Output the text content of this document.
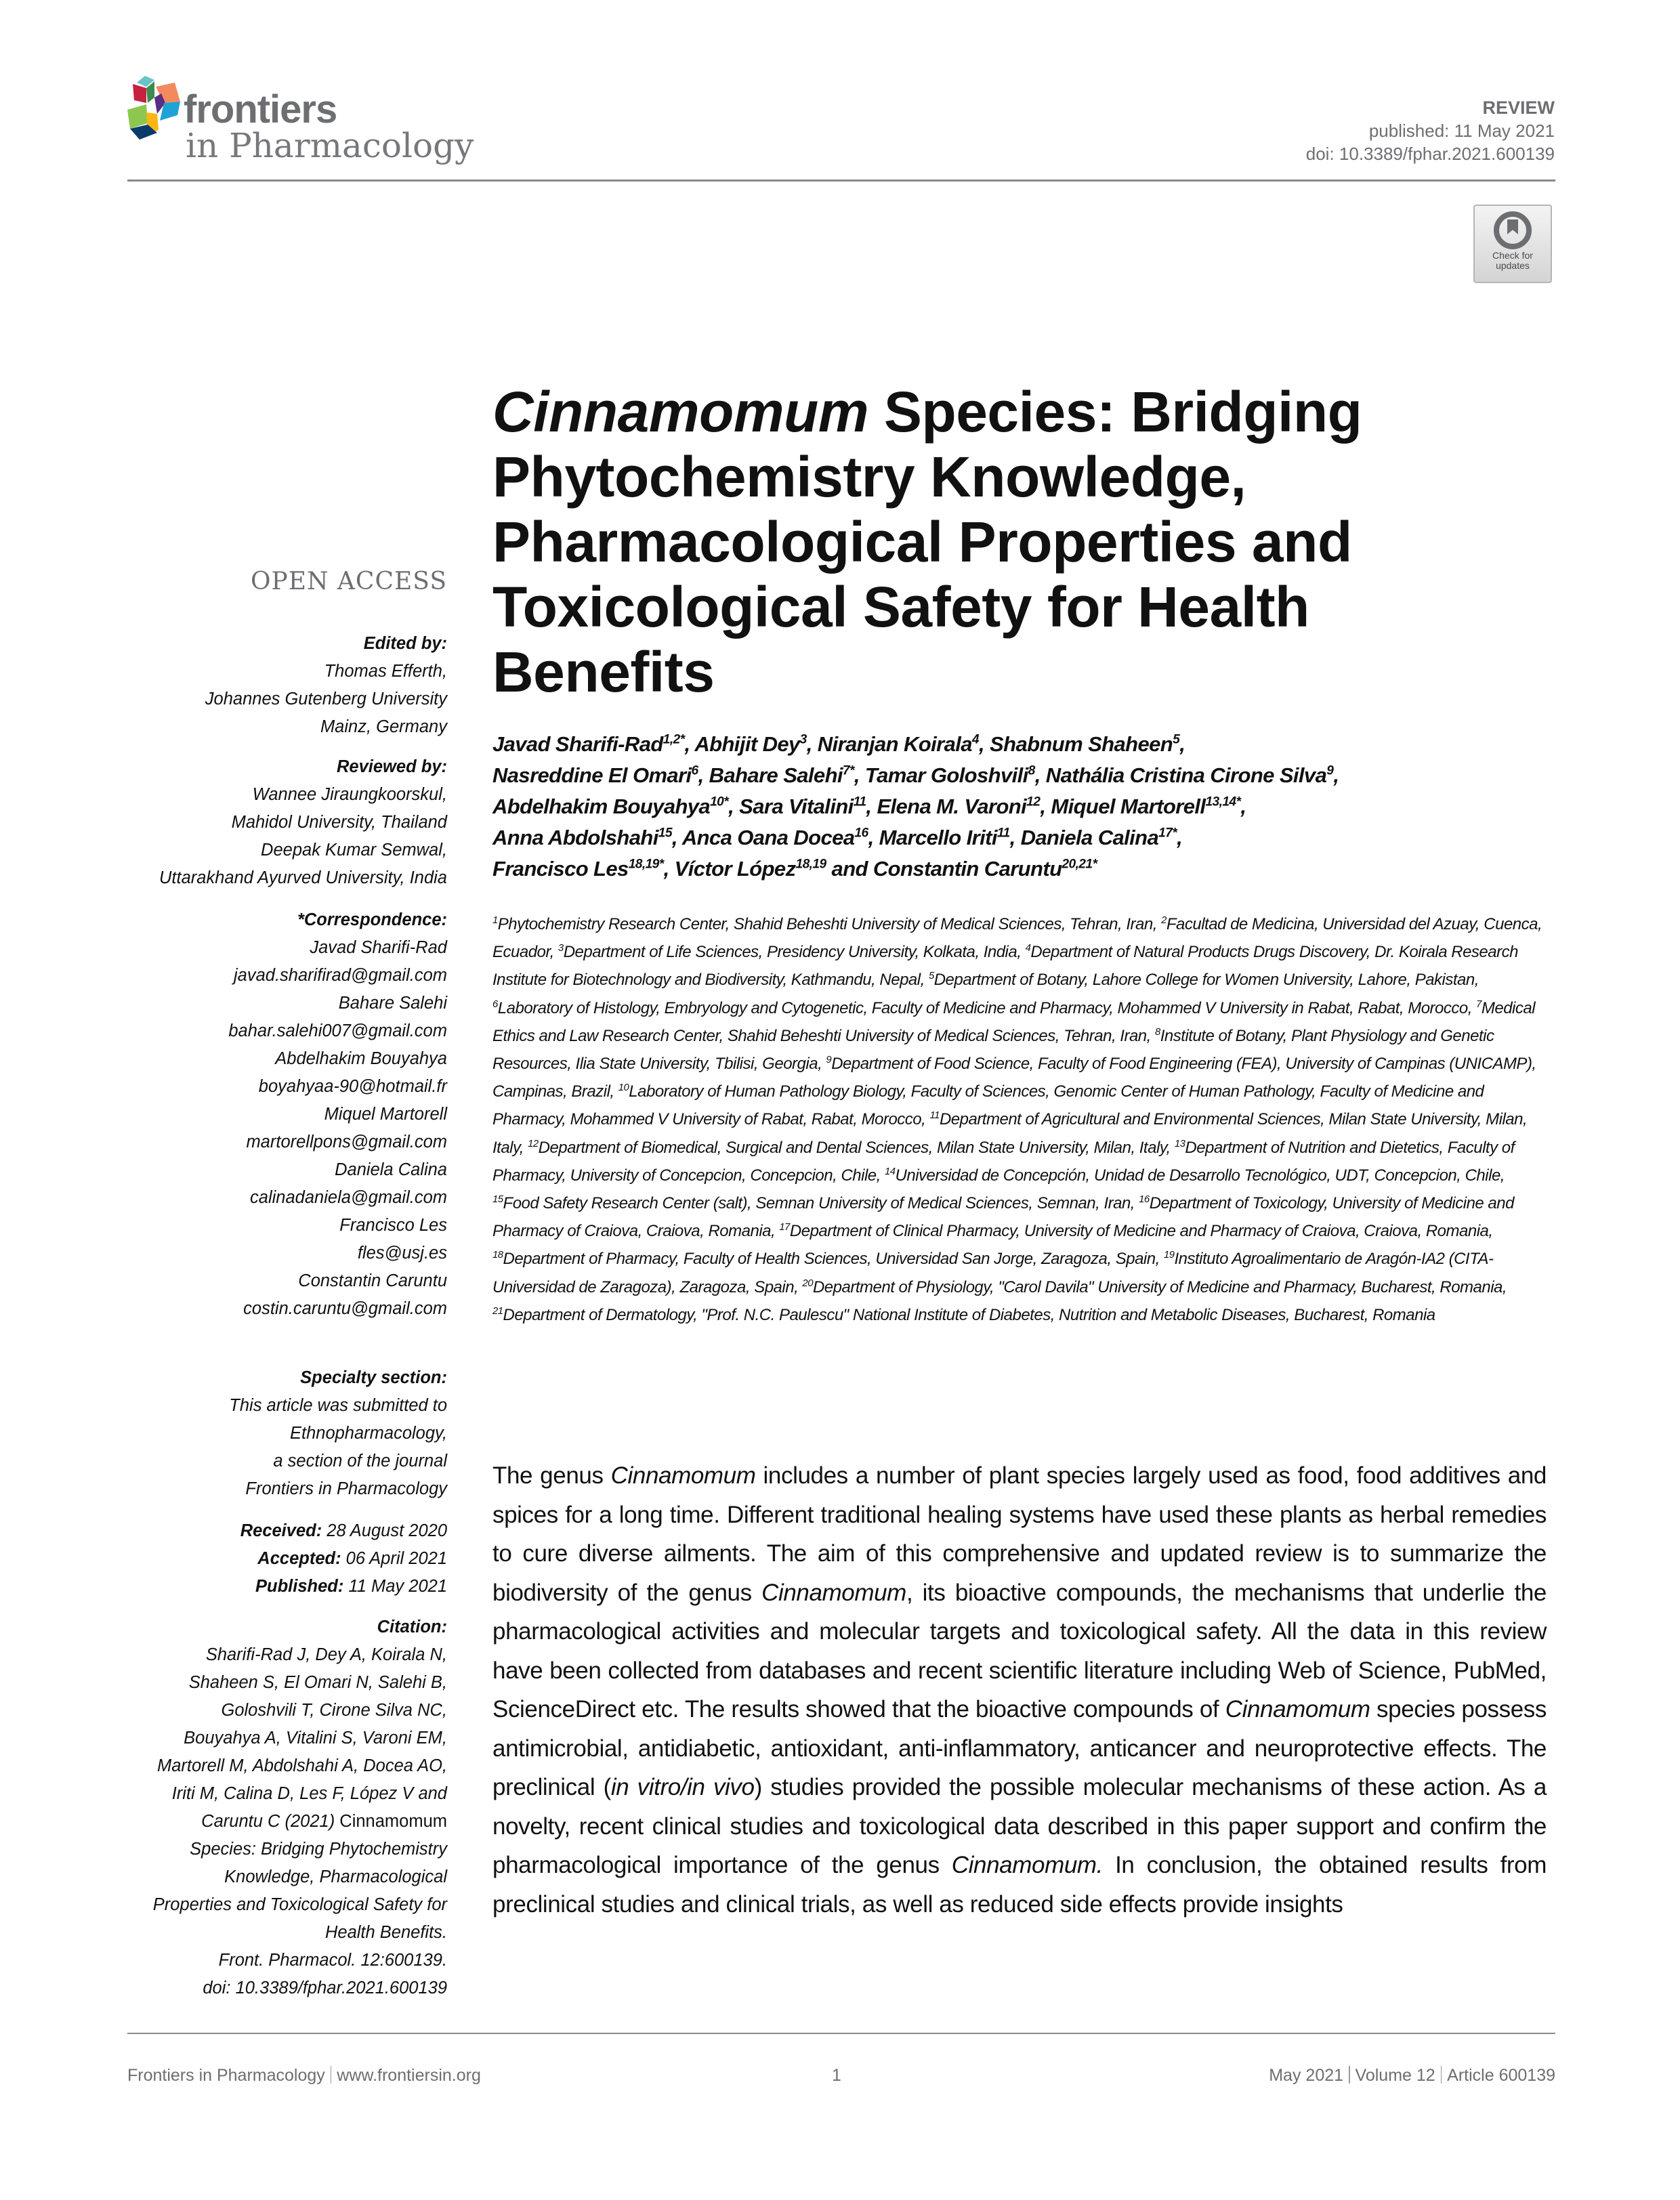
frontiers
in Pharmacology
REVIEW
published: 11 May 2021
doi: 10.3389/fphar.2021.600139
Check for
updates
OPEN ACCESS
Edited by:
Thomas Efferth,
Johannes Gutenberg University
Mainz, Germany
Reviewed by:
Wannee Jiraungkoorskul,
Mahidol University, Thailand
Deepak Kumar Semwal,
Uttarakhand Ayurved University, India
*Correspondence:
Javad Sharifi-Rad
javad.sharifirad@gmail.com
Bahare Salehi
bahar.salehi007@gmail.com
Abdelhakim Bouyahya
boyahyaa-90@hotmail.fr
Miquel Martorell
martorellpons@gmail.com
Daniela Calina
calinadaniela@gmail.com
Francisco Les
fles@usj.es
Constantin Caruntu
costin.caruntu@gmail.com
Specialty section:
This article was submitted to
Ethnopharmacology,
a section of the journal
Frontiers in Pharmacology
Received: 28 August 2020
Accepted: 06 April 2021
Published: 11 May 2021
Citation:
Sharifi-Rad J, Dey A, Koirala N,
Shaheen S, El Omari N, Salehi B,
Goloshvili T, Cirone Silva NC,
Bouyahya A, Vitalini S, Varoni EM,
Martorell M, Abdolshahi A, Docea AO,
Iriti M, Calina D, Les F, López V and
Caruntu C (2021) Cinnamomum
Species: Bridging Phytochemistry
Knowledge, Pharmacological
Properties and Toxicological Safety for
Health Benefits.
Front. Pharmacol. 12:600139.
doi: 10.3389/fphar.2021.600139
Cinnamomum Species: Bridging
Phytochemistry Knowledge,
Pharmacological Properties and
Toxicological Safety for Health
Benefits
Javad Sharifi-Rad$^{1,2*}$, Abhijit Dey$^3$, Niranjan Koirala$^4$, Shabnum Shaheen$^5$,
Nasreddine El Omari$^6$, Bahare Salehi$^{7*}$, Tamar Goloshvili$^8$, Nathália Cristina Cirone Silva$^9$,
Abdelhakim Bouyahya$^{10*}$, Sara Vitalini$^{11}$, Elena M. Varoni$^{12}$, Miquel Martorell$^{13,14*}$,
Anna Abdolshahi$^{15}$, Anca Oana Docea$^{16}$, Marcello Iriti$^{11}$, Daniela Calina$^{17*}$,
Francisco Les$^{18,19*}$, Víctor López$^{18,19}$ and Constantin Caruntu$^{20,21*}$
$^1$Phytochemistry Research Center, Shahid Beheshti University of Medical Sciences, Tehran, Iran, $^2$Facultad de Medicina, Universidad del Azuay, Cuenca, Ecuador, $^3$Department of Life Sciences, Presidency University, Kolkata, India, $^4$Department of Natural Products Drugs Discovery, Dr. Koirala Research Institute for Biotechnology and Biodiversity, Kathmandu, Nepal, $^5$Department of Botany, Lahore College for Women University, Lahore, Pakistan, $^6$Laboratory of Histology, Embryology and Cytogenetic, Faculty of Medicine and Pharmacy, Mohammed V University in Rabat, Rabat, Morocco, $^7$Medical Ethics and Law Research Center, Shahid Beheshti University of Medical Sciences, Tehran, Iran, $^8$Institute of Botany, Plant Physiology and Genetic Resources, Ilia State University, Tbilisi, Georgia, $^9$Department of Food Science, Faculty of Food Engineering (FEA), University of Campinas (UNICAMP), Campinas, Brazil, $^{10}$Laboratory of Human Pathology Biology, Faculty of Sciences, Genomic Center of Human Pathology, Faculty of Medicine and Pharmacy, Mohammed V University of Rabat, Rabat, Morocco, $^{11}$Department of Agricultural and Environmental Sciences, Milan State University, Milan, Italy, $^{12}$Department of Biomedical, Surgical and Dental Sciences, Milan State University, Milan, Italy, $^{13}$Department of Nutrition and Dietetics, Faculty of Pharmacy, University of Concepcion, Concepcion, Chile, $^{14}$Universidad de Concepción, Unidad de Desarrollo Tecnológico, UDT, Concepcion, Chile, $^{15}$Food Safety Research Center (salt), Semnan University of Medical Sciences, Semnan, Iran, $^{16}$Department of Toxicology, University of Medicine and Pharmacy of Craiova, Craiova, Romania, $^{17}$Department of Clinical Pharmacy, University of Medicine and Pharmacy of Craiova, Craiova, Romania, $^{18}$Department of Pharmacy, Faculty of Health Sciences, Universidad San Jorge, Zaragoza, Spain, $^{19}$Instituto Agroalimentario de Aragón-IA2 (CITA-Universidad de Zaragoza), Zaragoza, Spain, $^{20}$Department of Physiology, "Carol Davila" University of Medicine and Pharmacy, Bucharest, Romania, $^{21}$Department of Dermatology, "Prof. N.C. Paulescu" National Institute of Diabetes, Nutrition and Metabolic Diseases, Bucharest, Romania
The genus Cinnamomum includes a number of plant species largely used as food, food additives and spices for a long time. Different traditional healing systems have used these plants as herbal remedies to cure diverse ailments. The aim of this comprehensive and updated review is to summarize the biodiversity of the genus Cinnamomum, its bioactive compounds, the mechanisms that underlie the pharmacological activities and molecular targets and toxicological safety. All the data in this review have been collected from databases and recent scientific literature including Web of Science, PubMed, ScienceDirect etc. The results showed that the bioactive compounds of Cinnamomum species possess antimicrobial, antidiabetic, antioxidant, anti-inflammatory, anticancer and neuroprotective effects. The preclinical (in vitro/in vivo) studies provided the possible molecular mechanisms of these action. As a novelty, recent clinical studies and toxicological data described in this paper support and confirm the pharmacological importance of the genus Cinnamomum. In conclusion, the obtained results from preclinical studies and clinical trials, as well as reduced side effects provide insights
Frontiers in Pharmacology www.frontiersin.org	1	May 2021 Volume 12 Article 600139
